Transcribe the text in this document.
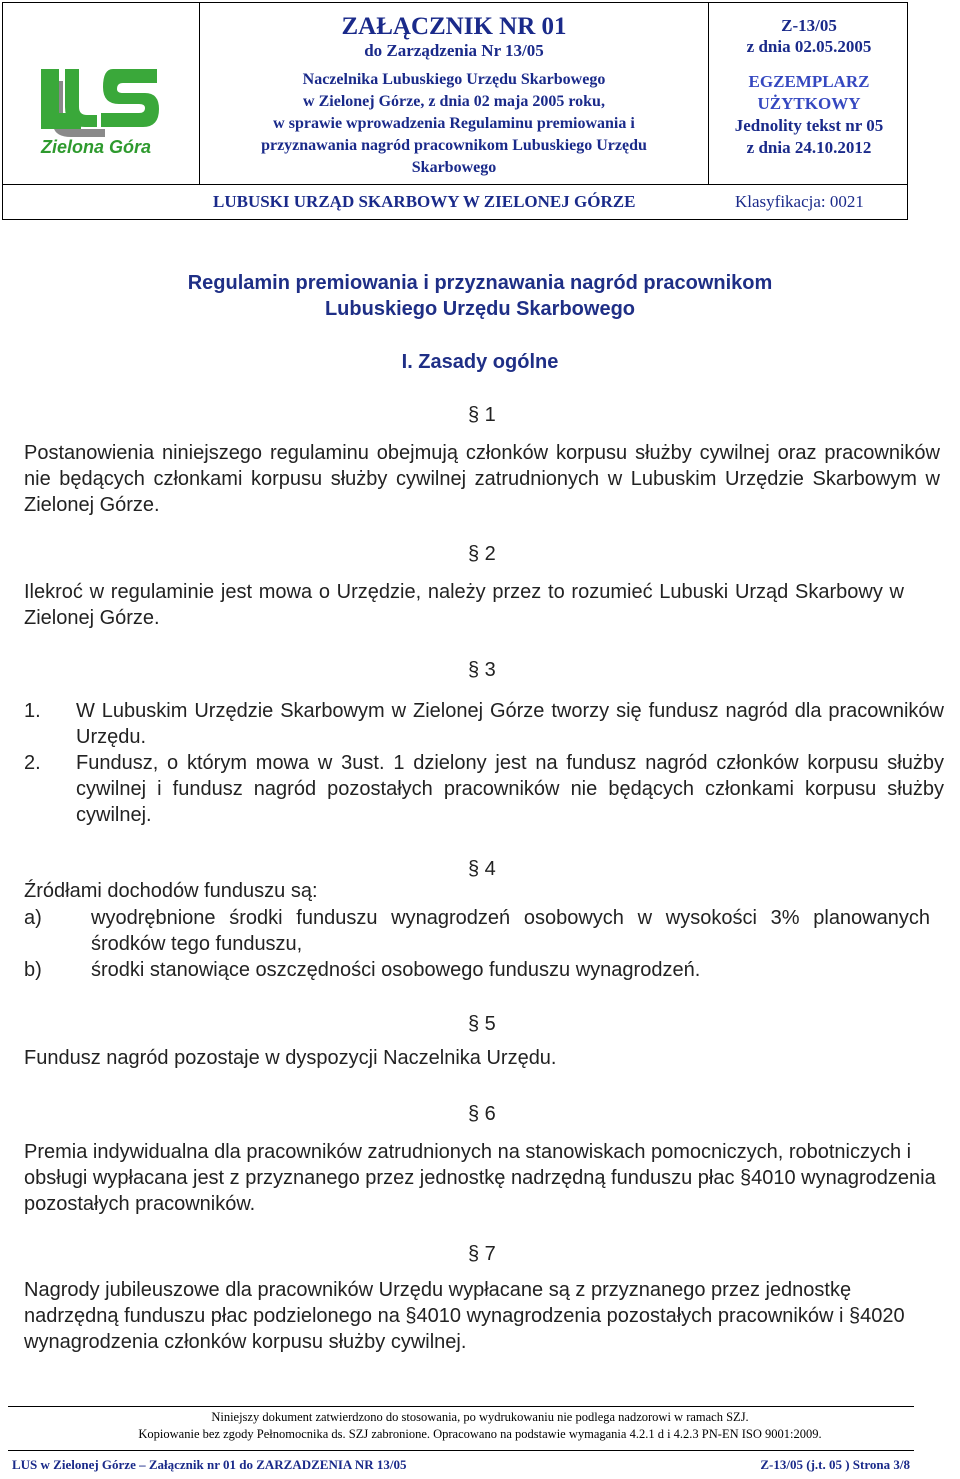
Zielona Góra
ZAŁĄCZNIK NR 01
do Zarządzenia Nr 13/05
Naczelnika Lubuskiego Urzędu Skarbowego
w Zielonej Górze, z dnia 02 maja 2005 roku,
w sprawie wprowadzenia Regulaminu premiowania i
przyznawania nagród pracownikom Lubuskiego Urzędu
Skarbowego
Z-13/05
z dnia 02.05.2005
EGZEMPLARZ
UŻYTKOWY
Jednolity tekst nr 05
z dnia 24.10.2012
LUBUSKI URZĄD SKARBOWY W ZIELONEJ GÓRZE	Klasyfikacja: 0021
Regulamin premiowania i przyznawania nagród pracownikom
Lubuskiego Urzędu Skarbowego
I. Zasady ogólne
§ 1
Postanowienia niniejszego regulaminu obejmują członków korpusu służby cywilnej oraz pracowników nie będących członkami korpusu służby cywilnej zatrudnionych w Lubuskim Urzędzie Skarbowym w Zielonej Górze.
§ 2
Ilekroć w regulaminie jest mowa o Urzędzie, należy przez to rozumieć Lubuski Urząd Skarbowy w Zielonej Górze.
§ 3
1. W Lubuskim Urzędzie Skarbowym w Zielonej Górze tworzy się fundusz nagród dla pracowników Urzędu.
2. Fundusz, o którym mowa w 3ust. 1 dzielony jest na fundusz nagród członków korpusu służby cywilnej i fundusz nagród pozostałych pracowników nie będących członkami korpusu służby cywilnej.
§ 4
Źródłami dochodów funduszu są:
a) wyodrębnione środki funduszu wynagrodzeń osobowych w wysokości 3% planowanych środków tego funduszu,
b) środki stanowiące oszczędności osobowego funduszu wynagrodzeń.
§ 5
Fundusz nagród pozostaje w dyspozycji Naczelnika Urzędu.
§ 6
Premia indywidualna dla pracowników zatrudnionych na stanowiskach pomocniczych, robotniczych i obsługi wypłacana jest z przyznanego przez jednostkę nadrzędną funduszu płac §4010 wynagrodzenia pozostałych pracowników.
§ 7
Nagrody jubileuszowe dla pracowników Urzędu wypłacane są z przyznanego przez jednostkę nadrzędną funduszu płac podzielonego na §4010 wynagrodzenia pozostałych pracowników i §4020 wynagrodzenia członków korpusu służby cywilnej.
Niniejszy dokument zatwierdzono do stosowania, po wydrukowaniu nie podlega nadzorowi w ramach SZJ.
Kopiowanie bez zgody Pełnomocnika ds. SZJ zabronione. Opracowano na podstawie wymagania 4.2.1 d i 4.2.3 PN-EN ISO 9001:2009.
LUS w Zielonej Górze – Załącznik nr 01 do ZARZADZENIA NR 13/05	Z-13/05 (j.t. 05 ) Strona 3/8
